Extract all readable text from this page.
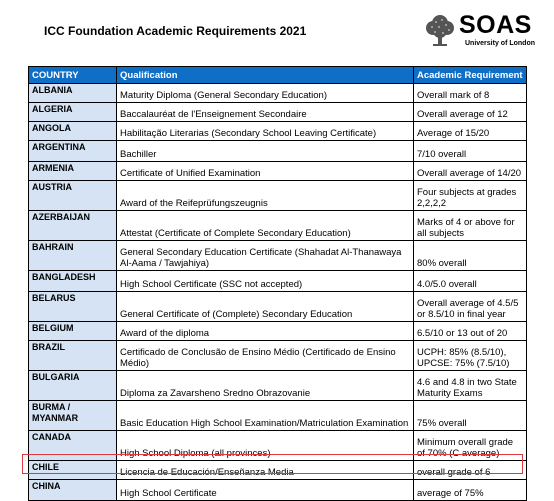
ICC Foundation Academic Requirements 2021	SOAS
University of London
COUNTRY	Qualification	Academic Requirement
ALBANIA	Maturity Diploma (General Secondary Education)	Overall mark of 8
ALGERIA	Baccalauréat de l'Enseignement Secondaire	Overall average of 12
ANGOLA	Habilitação Literarias (Secondary School Leaving Certificate)	Average of 15/20
ARGENTINA	Bachiller	7/10 overall
ARMENIA	Certificate of Unified Examination	Overall average of 14/20
AUSTRIA	Award of the Reifeprüfungszeugnis	Four subjects at grades 2,2,2,2
AZERBAIJAN	Attestat (Certificate of Complete Secondary Education)	Marks of 4 or above for all subjects
BAHRAIN	General Secondary Education Certificate (Shahadat Al-Thanawaya Al-Aama / Tawjahiya)	80% overall
BANGLADESH	High School Certificate (SSC not accepted)	4.0/5.0 overall
BELARUS	General Certificate of (Complete) Secondary Education	Overall average of 4.5/5 or 8.5/10 in final year
BELGIUM	Award of the diploma	6.5/10 or 13 out of 20
BRAZIL	Certificado de Conclusão de Ensino Médio (Certificado de Ensino Médio)	UCPH: 85% (8.5/10), UPCSE: 75% (7.5/10)
BULGARIA	Diploma za Zavarsheno Sredno Obrazovanie	4.6 and 4.8 in two State Maturity Exams
BURMA / MYANMAR	Basic Education High School Examination/Matriculation Examination	75% overall
CANADA	High School Diploma (all provinces)	Minimum overall grade of 70% (C average)
CHILE	Licencia de Educación/Enseñanza Media	overall grade of 6
CHINA	High School Certificate	average of 75%
